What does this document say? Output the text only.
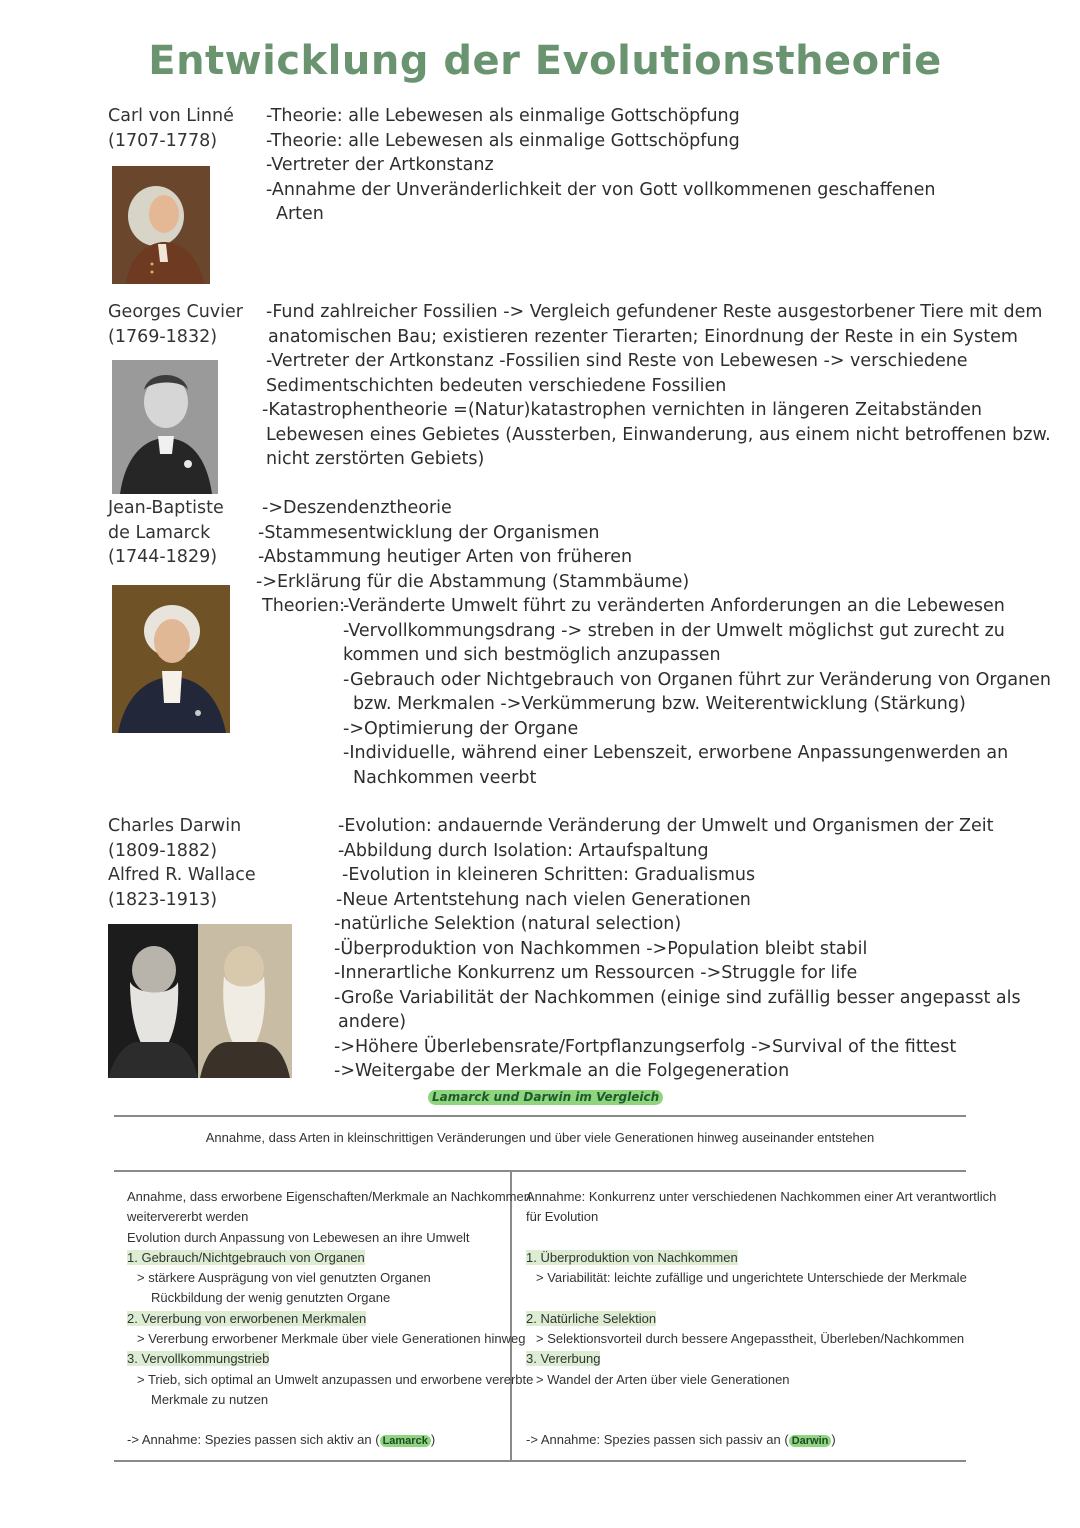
Entwicklung der Evolutionstheorie
Carl von Linné
(1707-1778)
-Theorie: alle Lebewesen als einmalige Gottschöpfung
-Theorie: alle Lebewesen als einmalige Gottschöpfung
-Vertreter der Artkonstanz
-Annahme der Unveränderlichkeit der von Gott vollkommenen geschaffenen
Arten
Georges Cuvier
(1769-1832)
-Fund zahlreicher Fossilien -> Vergleich gefundener Reste ausgestorbener Tiere mit dem
anatomischen Bau; existieren rezenter Tierarten; Einordnung der Reste in ein System
-Vertreter der Artkonstanz -Fossilien sind Reste von Lebewesen -> verschiedene
Sedimentschichten bedeuten verschiedene Fossilien
-Katastrophentheorie =(Natur)katastrophen vernichten in längeren Zeitabständen
Lebewesen eines Gebietes (Aussterben, Einwanderung, aus einem nicht betroffenen bzw.
nicht zerstörten Gebiets)
Jean-Baptiste
de Lamarck
(1744-1829)
->Deszendenztheorie
-Stammesentwicklung der Organismen
-Abstammung heutiger Arten von früheren
->Erklärung für die Abstammung (Stammbäume)
Theorien:
-Veränderte Umwelt führt zu veränderten Anforderungen an die Lebewesen
-Vervollkommungsdrang -> streben in der Umwelt möglichst gut zurecht zu
kommen und sich bestmöglich anzupassen
-Gebrauch oder Nichtgebrauch von Organen führt zur Veränderung von Organen
bzw. Merkmalen ->Verkümmerung bzw. Weiterentwicklung (Stärkung)
->Optimierung der Organe
-Individuelle, während einer Lebenszeit, erworbene Anpassungenwerden an
Nachkommen veerbt
Charles Darwin
(1809-1882)
Alfred R. Wallace
(1823-1913)
-Evolution: andauernde Veränderung der Umwelt und Organismen der Zeit
-Abbildung durch Isolation: Artaufspaltung
-Evolution in kleineren Schritten: Gradualismus
-Neue Artentstehung nach vielen Generationen
-natürliche Selektion (natural selection)
-Überproduktion von Nachkommen ->Population bleibt stabil
-Innerartliche Konkurrenz um Ressourcen ->Struggle for life
-Große Variabilität der Nachkommen (einige sind zufällig besser angepasst als
andere)
->Höhere Überlebensrate/Fortpflanzungserfolg ->Survival of the fittest
->Weitergabe der Merkmale an die Folgegeneration
Lamarck und Darwin im Vergleich
Annahme, dass Arten in kleinschrittigen Veränderungen und über viele Generationen hinweg auseinander entstehen
Annahme, dass erworbene Eigenschaften/Merkmale an Nachkommen
weitervererbt werden
Evolution durch Anpassung von Lebewesen an ihre Umwelt
1. Gebrauch/Nichtgebrauch von Organen
> stärkere Ausprägung von viel genutzten Organen
Rückbildung der wenig genutzten Organe
2. Vererbung von erworbenen Merkmalen
> Vererbung erworbener Merkmale über viele Generationen hinweg
3. Vervollkommungstrieb
> Trieb, sich optimal an Umwelt anzupassen und erworbene vererbte
Merkmale zu nutzen
-> Annahme: Spezies passen sich aktiv an ( Lamarck )
Annahme: Konkurrenz unter verschiedenen Nachkommen einer Art verantwortlich
für Evolution
1. Überproduktion von Nachkommen
> Variabilität: leichte zufällige und ungerichtete Unterschiede der Merkmale
2. Natürliche Selektion
> Selektionsvorteil durch bessere Angepasstheit, Überleben/Nachkommen
3. Vererbung
> Wandel der Arten über viele Generationen
-> Annahme: Spezies passen sich passiv an ( Darwin )
